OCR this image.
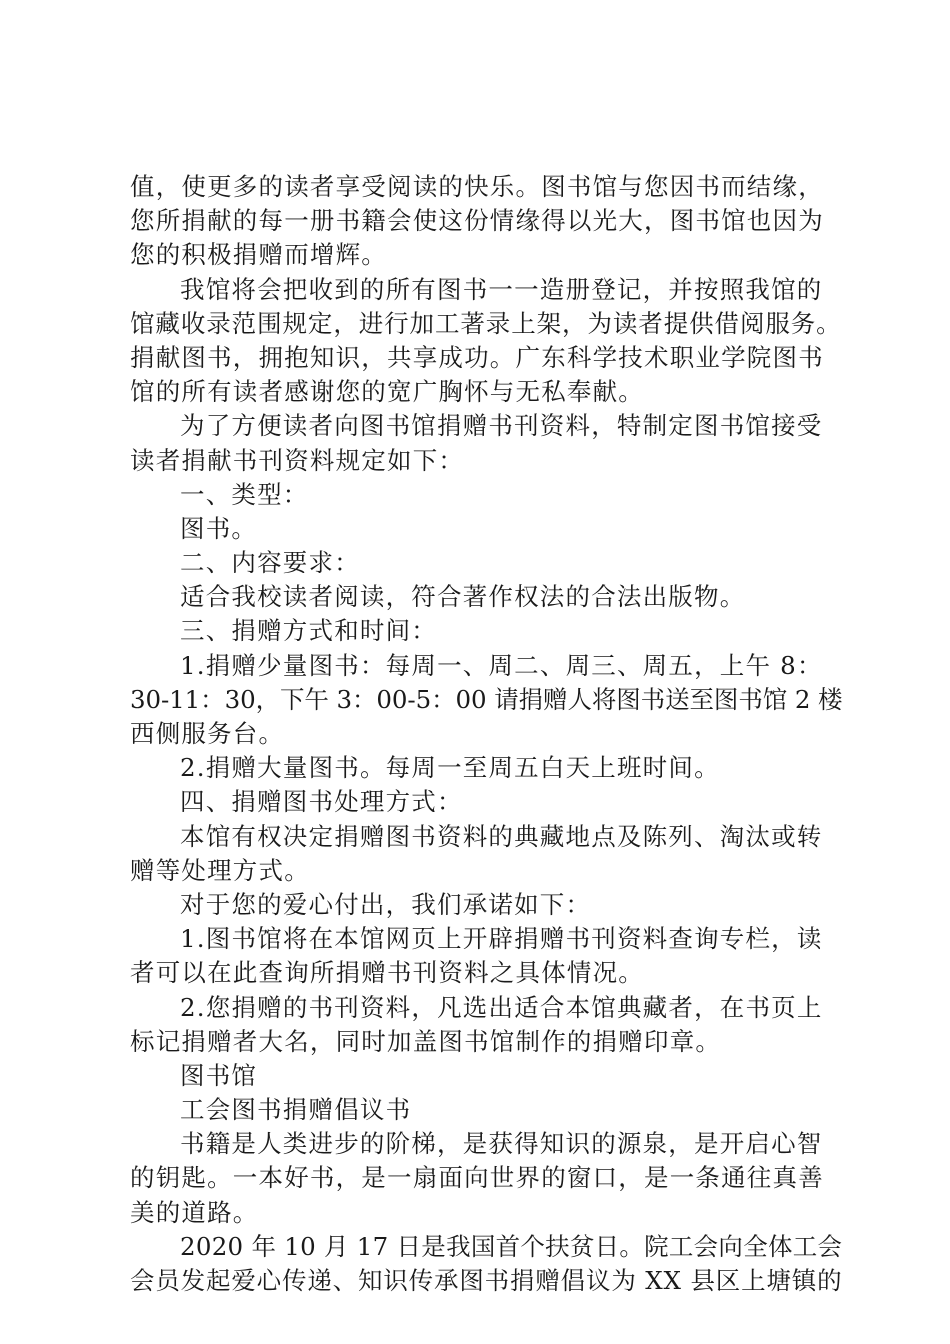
值，使更多的读者享受阅读的快乐。图书馆与您因书而结缘，
您所捐献的每一册书籍会使这份情缘得以光大，图书馆也因为
您的积极捐赠而增辉。
我馆将会把收到的所有图书一一造册登记，并按照我馆的
馆藏收录范围规定，进行加工著录上架，为读者提供借阅服务。
捐献图书，拥抱知识，共享成功。广东科学技术职业学院图书
馆的所有读者感谢您的宽广胸怀与无私奉献。
为了方便读者向图书馆捐赠书刊资料，特制定图书馆接受
读者捐献书刊资料规定如下：
一、类型：
图书。
二、内容要求：
适合我校读者阅读，符合著作权法的合法出版物。
三、捐赠方式和时间：
1.捐赠少量图书：每周一、周二、周三、周五，上午 8：
30-11：30，下午 3：00-5：00 请捐赠人将图书送至图书馆 2 楼
西侧服务台。
2.捐赠大量图书。每周一至周五白天上班时间。
四、捐赠图书处理方式：
本馆有权决定捐赠图书资料的典藏地点及陈列、淘汰或转
赠等处理方式。
对于您的爱心付出，我们承诺如下：
1.图书馆将在本馆网页上开辟捐赠书刊资料查询专栏，读
者可以在此查询所捐赠书刊资料之具体情况。
2.您捐赠的书刊资料，凡选出适合本馆典藏者，在书页上
标记捐赠者大名，同时加盖图书馆制作的捐赠印章。
图书馆
工会图书捐赠倡议书
书籍是人类进步的阶梯，是获得知识的源泉，是开启心智
的钥匙。一本好书，是一扇面向世界的窗口，是一条通往真善
美的道路。
2020 年 10 月 17 日是我国首个扶贫日。院工会向全体工会
会员发起爱心传递、知识传承图书捐赠倡议为 XX 县区上塘镇的
